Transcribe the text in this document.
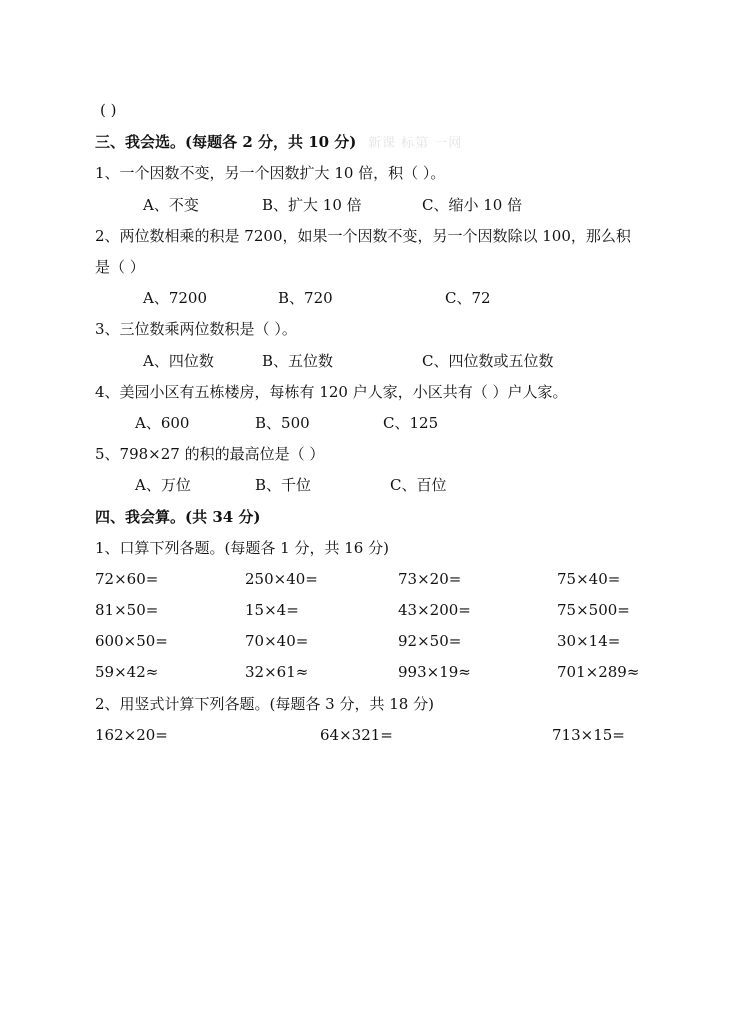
( )
三、我会选。(每题各 2 分，共 10 分) 新课 标第 一网
1、一个因数不变，另一个因数扩大 10 倍，积（ ）。
A、不变	B、扩大 10 倍	C、缩小 10 倍
2、两位数相乘的积是 7200，如果一个因数不变，另一个因数除以 100，那么积
是（ ）
A、7200	B、720	C、72
3、三位数乘两位数积是（ ）。
A、四位数	B、五位数	C、四位数或五位数
4、美园小区有五栋楼房，每栋有 120 户人家，小区共有（ ）户人家。
A、600	B、500	C、125
5、798×27 的积的最高位是（ ）
A、万位	B、千位	C、百位
四、我会算。(共 34 分)
1、口算下列各题。(每题各 1 分，共 16 分)
72×60=	250×40=	73×20=	75×40=
81×50=	15×4=	43×200=	75×500=
600×50=	70×40=	92×50=	30×14=
59×42≈	32×61≈	993×19≈	701×289≈
2、用竖式计算下列各题。(每题各 3 分，共 18 分)
162×20=	64×321=	713×15=
